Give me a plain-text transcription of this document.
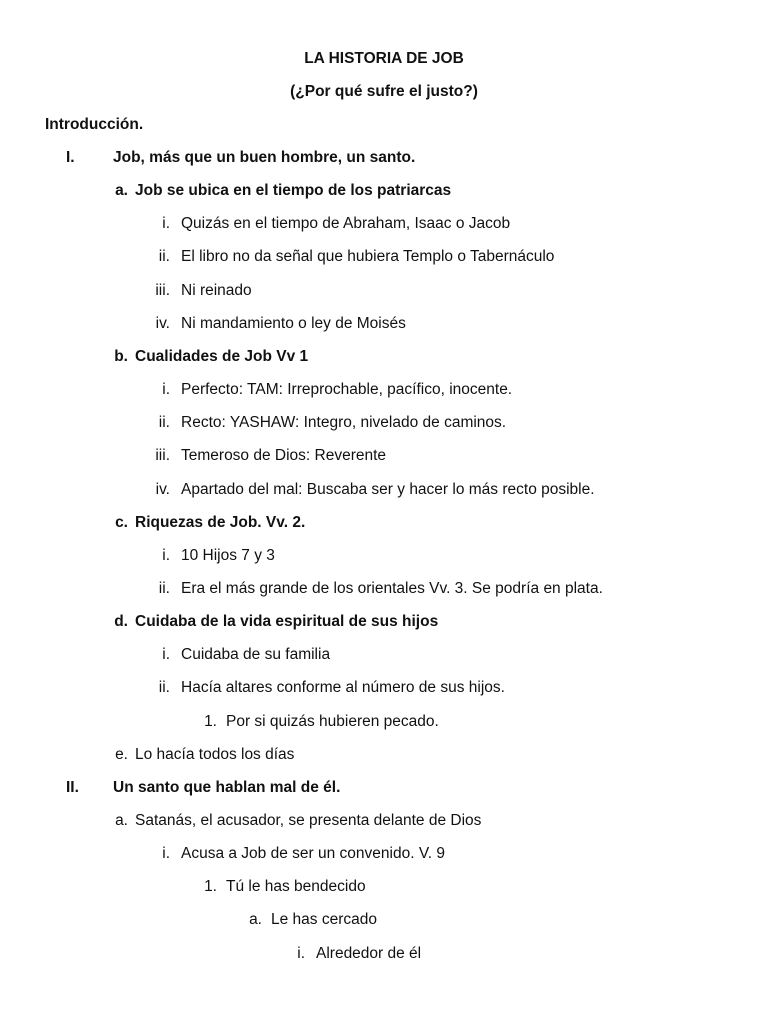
LA HISTORIA DE JOB
(¿Por qué sufre el justo?)
Introducción.
I.	Job, más que un buen hombre, un santo.
a. Job se ubica en el tiempo de los patriarcas
i. Quizás en el tiempo de Abraham, Isaac o Jacob
ii. El libro no da señal que hubiera Templo o Tabernáculo
iii. Ni reinado
iv. Ni mandamiento o ley de Moisés
b. Cualidades de Job Vv 1
i. Perfecto: TAM: Irreprochable, pacífico, inocente.
ii. Recto: YASHAW: Integro, nivelado de caminos.
iii. Temeroso de Dios: Reverente
iv. Apartado del mal: Buscaba ser y hacer lo más recto posible.
c. Riquezas de Job. Vv. 2.
i. 10 Hijos 7 y 3
ii. Era el más grande de los orientales Vv. 3. Se podría en plata.
d. Cuidaba de la vida espiritual de sus hijos
i. Cuidaba de su familia
ii. Hacía altares conforme al número de sus hijos.
1. Por si quizás hubieren pecado.
e. Lo hacía todos los días
II.	Un santo que hablan mal de él.
a. Satanás, el acusador, se presenta delante de Dios
i. Acusa a Job de ser un convenido. V. 9
1. Tú le has bendecido
a. Le has cercado
i. Alrededor de él
